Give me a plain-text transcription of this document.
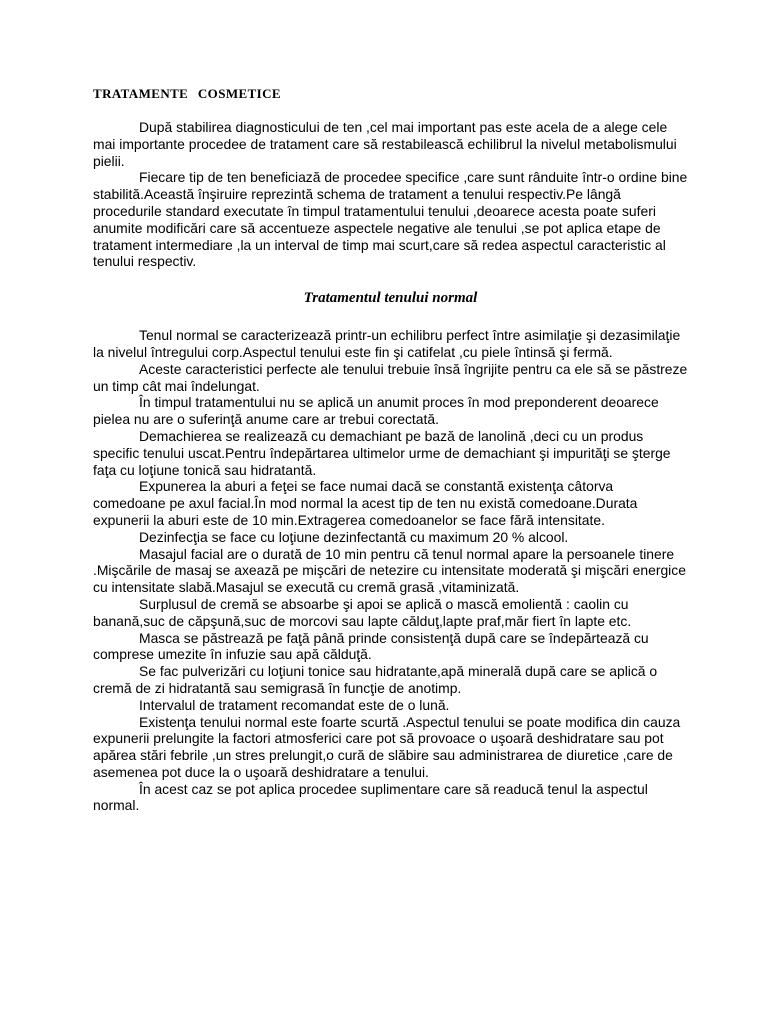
TRATAMENTE COSMETICE

După stabilirea diagnosticului de ten ,cel mai important pas este acela de a alege cele mai importante procedee de tratament care să restabilească echilibrul la nivelul metabolismului pielii.

Fiecare tip de ten beneficiază de procedee specifice ,care sunt rânduite într-o ordine bine stabilită.Această înşiruire reprezintă schema de tratament a tenului respectiv.Pe lângă procedurile standard executate în timpul tratamentului tenului ,deoarece acesta poate suferi anumite modificări care să accentueze aspectele negative ale tenului ,se pot aplica etape de tratament intermediare ,la un interval de timp mai scurt,care să redea aspectul caracteristic al tenului respectiv.

Tratamentul tenului normal

Tenul normal se caracterizează printr-un echilibru perfect între asimilaţie şi dezasimilaţie la nivelul întregului corp.Aspectul tenului este fin şi catifelat ,cu piele întinsă şi fermă.

Aceste caracteristici perfecte ale tenului trebuie însă îngrijite pentru ca ele să se păstreze un timp cât mai îndelungat.

În timpul tratamentului nu se aplică un anumit proces în mod preponderent deoarece pielea nu are o suferinţă anume care ar trebui corectată.

Demachierea se realizează cu demachiant pe bază de lanolină ,deci cu un produs specific tenului uscat.Pentru îndepărtarea ultimelor urme de demachiant şi impurităţi se şterge faţa cu loţiune tonică sau hidratantă.

Expunerea la aburi a feţei se face numai dacă se constantă existenţa câtorva comedoane pe axul facial.În mod normal la acest tip de ten nu există comedoane.Durata expunerii la aburi este de 10 min.Extragerea comedoanelor se face fără intensitate.

Dezinfecţia se face cu loţiune dezinfectantă cu maximum 20 % alcool.

Masajul facial are o durată de 10 min pentru că tenul normal apare la persoanele tinere .Mişcările de masaj se axează pe mişcări de netezire cu intensitate moderată şi mişcări energice cu intensitate slabă.Masajul se execută cu cremă grasă ,vitaminizată.

Surplusul de cremă se absoarbe şi apoi se aplică o mască emolientă : caolin cu banană,suc de căpşună,suc de morcovi sau lapte călduţ,lapte praf,măr fiert în lapte etc.

Masca se păstrează pe faţă până prinde consistenţă după care se îndepărtează cu comprese umezite în infuzie sau apă călduţă.

Se fac pulverizări cu loţiuni tonice sau hidratante,apă minerală după care se aplică o cremă de zi hidratantă sau semigrasă în funcţie de anotimp.

Intervalul de tratament recomandat este de o lună.

Existenţa tenului normal este foarte scurtă .Aspectul tenului se poate modifica din cauza expunerii prelungite la factori atmosferici care pot să provoace o uşoară deshidratare sau pot apărea stări febrile ,un stres prelungit,o cură de slăbire sau administrarea de diuretice ,care de asemenea pot duce la o uşoară deshidratare a tenului.

În acest caz se pot aplica procedee suplimentare care să readucă tenul la aspectul normal.
